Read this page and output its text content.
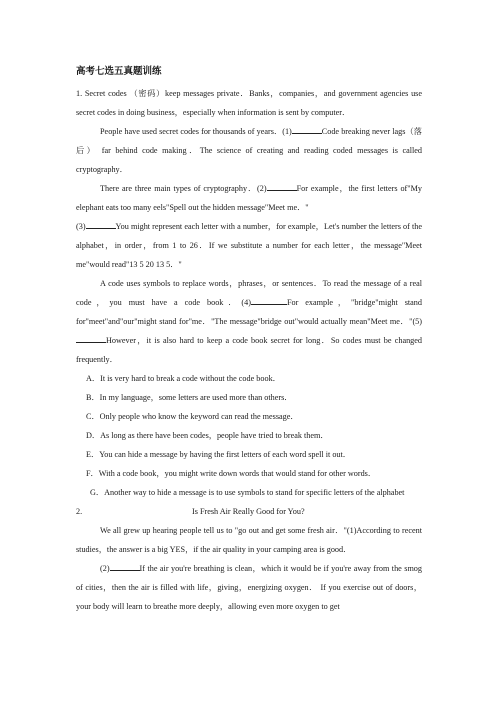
高考七选五真题训练

1. Secret codes （密码）keep messages private．Banks，companies，and government agencies use secret codes in doing business，especially when information is sent by computer．

People have used secret codes for thousands of years．(1)	Code breaking never lags（落后） far behind code making．The science of creating and reading coded messages is called cryptography．

There are three main types of cryptography．(2)	For example，the first letters of"My elephant eats too many eels"Spell out the hidden message"Meet me．"

(3)	You might represent each letter with a number，for example，Let's number the letters of the alphabet，in order，from 1 to 26．If we substitute a number for each letter，the message"Meet me"would read"13 5 20 13 5．"

A code uses symbols to replace words，phrases，or sentences．To read the message of a real code，you must have a code book．(4)	For example，"bridge"might stand for"meet"and"our"might stand for"me．"The message"bridge out"would actually mean"Meet me．"(5)However，it is also hard to keep a code book secret for long．So codes must be changed frequently．

A．It is very hard to break a code without the code book．

B．In my language，some letters are used more than others．

C．Only people who know the keyword can read the message．

D．As long as there have been codes，people have tried to break them．

E．You can hide a message by having the first letters of each word spell it out．

F．With a code book，you might write down words that would stand for other words．

G．Another way to hide a message is to use symbols to stand for specific letters of the alphabet

2.	Is Fresh Air Really Good for You?

We all grew up hearing people tell us to "go out and get some fresh air．"(1)According to recent studies，the answer is a big YES，if the air quality in your camping area is good．

(2)	If the air you're breathing is clean，which it would be if you're away from the smog of cities，then the air is filled with life，giving，energizing oxygen． If you exercise out of doors，your body will learn to breathe more deeply，allowing even more oxygen to get
